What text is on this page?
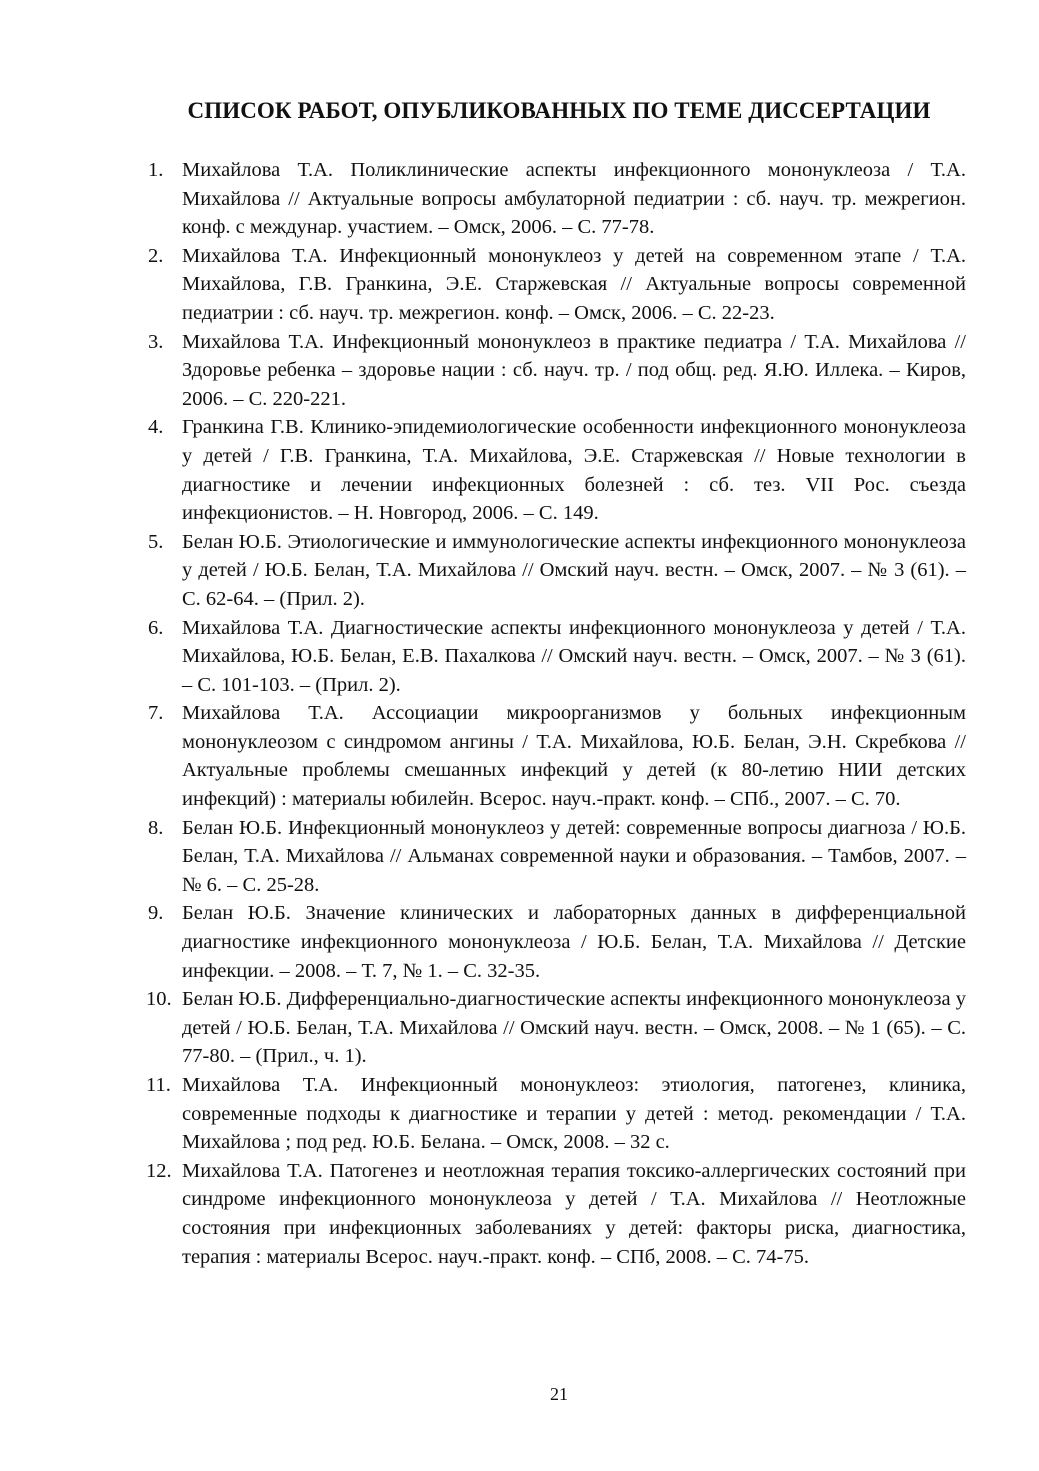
СПИСОК РАБОТ, ОПУБЛИКОВАННЫХ ПО ТЕМЕ ДИССЕРТАЦИИ
1. Михайлова Т.А. Поликлинические аспекты инфекционного мононуклеоза / Т.А. Михайлова // Актуальные вопросы амбулаторной педиатрии : сб. науч. тр. межрегион. конф. с междунар. участием. – Омск, 2006. – С. 77-78.
2. Михайлова Т.А. Инфекционный мононуклеоз у детей на современном этапе / Т.А. Михайлова, Г.В. Гранкина, Э.Е. Старжевская // Актуальные вопросы современной педиатрии : сб. науч. тр. межрегион. конф. – Омск, 2006. – С. 22-23.
3. Михайлова Т.А. Инфекционный мононуклеоз в практике педиатра / Т.А. Михайлова // Здоровье ребенка – здоровье нации : сб. науч. тр. / под общ. ред. Я.Ю. Иллека. – Киров, 2006. – С. 220-221.
4. Гранкина Г.В. Клинико-эпидемиологические особенности инфекционного мононуклеоза у детей / Г.В. Гранкина, Т.А. Михайлова, Э.Е. Старжевская // Новые технологии в диагностике и лечении инфекционных болезней : сб. тез. VII Рос. съезда инфекционистов. – Н. Новгород, 2006. – С. 149.
5. Белан Ю.Б. Этиологические и иммунологические аспекты инфекционного мононуклеоза у детей / Ю.Б. Белан, Т.А. Михайлова // Омский науч. вестн. – Омск, 2007. – № 3 (61). – С. 62-64. – (Прил. 2).
6. Михайлова Т.А. Диагностические аспекты инфекционного мононуклеоза у детей / Т.А. Михайлова, Ю.Б. Белан, Е.В. Пахалкова // Омский науч. вестн. – Омск, 2007. – № 3 (61). – С. 101-103. – (Прил. 2).
7. Михайлова Т.А. Ассоциации микроорганизмов у больных инфекционным мононуклеозом с синдромом ангины / Т.А. Михайлова, Ю.Б. Белан, Э.Н. Скребкова // Актуальные проблемы смешанных инфекций у детей (к 80-летию НИИ детских инфекций) : материалы юбилейн. Всерос. науч.-практ. конф. – СПб., 2007. – С. 70.
8. Белан Ю.Б. Инфекционный мононуклеоз у детей: современные вопросы диагноза / Ю.Б. Белан, Т.А. Михайлова // Альманах современной науки и образования. – Тамбов, 2007. – № 6. – С. 25-28.
9. Белан Ю.Б. Значение клинических и лабораторных данных в дифференциальной диагностике инфекционного мононуклеоза / Ю.Б. Белан, Т.А. Михайлова // Детские инфекции. – 2008. – Т. 7, № 1. – С. 32-35.
10. Белан Ю.Б. Дифференциально-диагностические аспекты инфекционного мононуклеоза у детей / Ю.Б. Белан, Т.А. Михайлова // Омский науч. вестн. – Омск, 2008. – № 1 (65). – С. 77-80. – (Прил., ч. 1).
11. Михайлова Т.А. Инфекционный мононуклеоз: этиология, патогенез, клиника, современные подходы к диагностике и терапии у детей : метод. рекомендации / Т.А. Михайлова ; под ред. Ю.Б. Белана. – Омск, 2008. – 32 с.
12. Михайлова Т.А. Патогенез и неотложная терапия токсико-аллергических состояний при синдроме инфекционного мононуклеоза у детей / Т.А. Михайлова // Неотложные состояния при инфекционных заболеваниях у детей: факторы риска, диагностика, терапия : материалы Всерос. науч.-практ. конф. – СПб, 2008. – С. 74-75.
21
